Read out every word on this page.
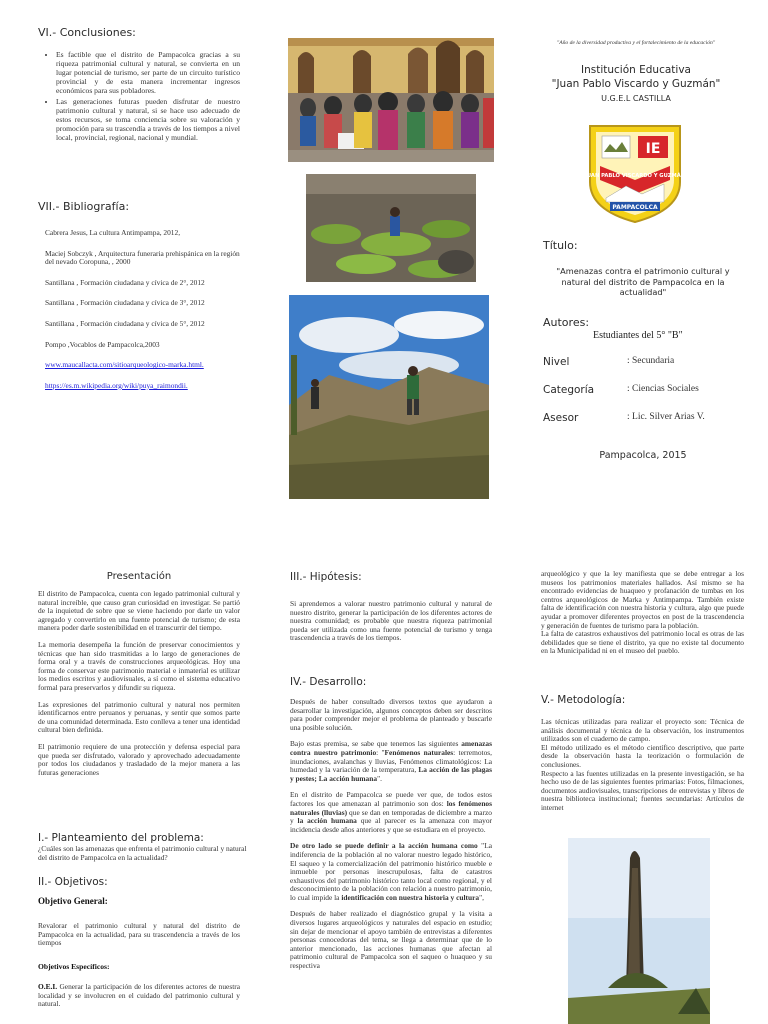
VI.- Conclusiones:
• Es factible que el distrito de Pampacolca gracias a su riqueza patrimonial cultural y natural, se convierta en un lugar potencial de turismo, ser parte de un circuito turístico provincial y de esta manera incrementar ingresos económicos para sus pobladores.
• Las generaciones futuras pueden disfrutar de nuestro patrimonio cultural y natural, si se hace uso adecuado de estos recursos, se toma conciencia sobre su valoración y promoción para su trascendía a través de los tiempos a nivel local, provincial, regional, nacional y mundial.
VII.- Bibliografía:

Cabrera Jesus, La cultura Antimpampa, 2012,

Maciej Sobczyk , Arquitectura funeraria prehispánica en la región del nevado Coropuna, , 2000

Santillana , Formación ciudadana y cívica de 2°, 2012

Santillana , Formación ciudadana y cívica de 3°, 2012

Santillana , Formación ciudadana y cívica de 5°, 2012

Pompo ,Vocablos de Pampacolca,2003

www.maucallacta.com/sitioarqueologico-marka.html.

https://es.m.wikipedia.org/wiki/puya_raimondii.

"Año de la diversidad productiva y el fortalecimiento de la educación"
Institución Educativa
"Juan Pablo Viscardo y Guzmán"
U.G.E.L CASTILLA
IE
JUAN PABLO VISCARDO Y GUZMÁN
PAMPACOLCA
Título:
"Amenazas contra el patrimonio cultural y natural del distrito de Pampacolca en la actualidad"
Autores:
Estudiantes del 5° "B"
Nivel	: Secundaria
Categoría	: Ciencias Sociales
Asesor	: Lic. Silver Arias V.
Pampacolca, 2015
Presentación

El distrito de Pampacolca, cuenta con legado patrimonial cultural y natural increíble, que causo gran curiosidad en investigar. Se partió de la inquietud de sobre que se viene haciendo por darle un valor agregado y convertirlo en una fuente potencial de turismo; de esta manera poder darle sostenibilidad en el transcurrir del tiempo.

La memoria desempeña la función de preservar conocimientos y técnicas que han sido trasmitidas a lo largo de generaciones de forma oral y a través de construcciones arqueológicas. Hoy una forma de conservar este patrimonio material e inmaterial es utilizar los medios escritos y audiovisuales, a sí como el sistema educativo formal para preservarlos y difundir su riqueza.

Las expresiones del patrimonio cultural y natural nos permiten identificarnos entre peruanos y peruanas, y sentir que somos parte de una comunidad determinada. Esto conlleva a tener una identidad cultural bien definida.

El patrimonio requiere de una protección y defensa especial para que pueda ser disfrutado, valorado y aprovechado adecuadamente por todos los ciudadanos y trasladado de la mejor manera a las futuras generaciones

I.- Planteamiento del problema:
¿Cuáles son las amenazas que enfrenta el patrimonio cultural y natural del distrito de Pampacolca en la actualidad?
II.- Objetivos:
Objetivo General:
Revalorar el patrimonio cultural y natural del distrito de Pampacolca en la actualidad, para su trascendencia a través de los tiempos
Objetivos Específicos:
O.E.I. Generar la participación de los diferentes actores de nuestra localidad y se involucren en el cuidado del patrimonio cultural y natural.
III.- Hipótesis:
Si aprendemos a valorar nuestro patrimonio cultural y natural de nuestro distrito, generar la participación de los diferentes actores de nuestra comunidad; es probable que nuestra riqueza patrimonial pueda ser utilizada como una fuente potencial de turismo y tenga trascendencia a través de los tiempos.
IV.- Desarrollo:

Después de haber consultado diversos textos que ayudaron a desarrollar la investigación, algunos conceptos deben ser descritos para poder comprender mejor el problema de planteado y buscarle una posible solución.

Bajo estas premisa, se sabe que tenemos las siguientes amenazas contra nuestro patrimonio: "Fenómenos naturales: terremotos, inundaciones, avalanchas y lluvias, Fenómenos climatológicos: La humedad y la variación de la temperatura, La acción de las plagas y pestes; La acción humana".

En el distrito de Pampacolca se puede ver que, de todos estos factores los que amenazan al patrimonio son dos: los fenómenos naturales (lluvias) que se dan en temporadas de diciembre a marzo y la acción humana que al parecer es la amenaza con mayor incidencia desde años anteriores y que se estudiara en el proyecto.

De otro lado se puede definir a la acción humana como "La indiferencia de la población al no valorar nuestro legado histórico, El saqueo y la comercialización del patrimonio histórico mueble e inmueble por personas inescrupulosas, falta de catastros exhaustivos del patrimonio histórico tanto local como regional, y el desconocimiento de la población con relación a nuestro patrimonio, lo cual impide la identificación con nuestra historia y cultura",

Después de haber realizado el diagnóstico grupal y la visita a diversos lugares arqueológicos y naturales del espacio en estudio; sin dejar de mencionar el apoyo también de entrevistas a diferentes personas conocedoras del tema, se llega a determinar que de lo anterior mencionado, las acciones humanas que afectan al patrimonio cultural de Pampacolca son el saqueo o huaqueo y su respectiva

arqueológico y que la ley manifiesta que se debe entregar a los museos los patrimonios materiales hallados. Así mismo se ha encontrado evidencias de huaqueo y profanación de tumbas en los centros arqueológicos de Marka y Antimpampa. También existe falta de identificación con nuestra historia y cultura, algo que puede ayudar a promover diferentes proyectos en post de la trascendencia y generación de fuentes de turismo para la población.

La falta de catastros exhaustivos del patrimonio local es otras de las debilidades que se tiene el distrito, ya que no existe tal documento en la Municipalidad ni en el museo del pueblo.

V.- Metodología:

Las técnicas utilizadas para realizar el proyecto son: Técnica de análisis documental y técnica de la observación, los instrumentos utilizados son el cuaderno de campo.

El método utilizado es el método científico descriptivo, que parte desde la observación hasta la teorización o formulación de conclusiones.

Respecto a las fuentes utilizadas en la presente investigación, se ha hecho uso de de las siguientes fuentes primarias: Fotos, filmaciones, documentos audiovisuales, transcripciones de entrevistas y libros de nuestra biblioteca institucional; fuentes secundarias: Artículos de internet
